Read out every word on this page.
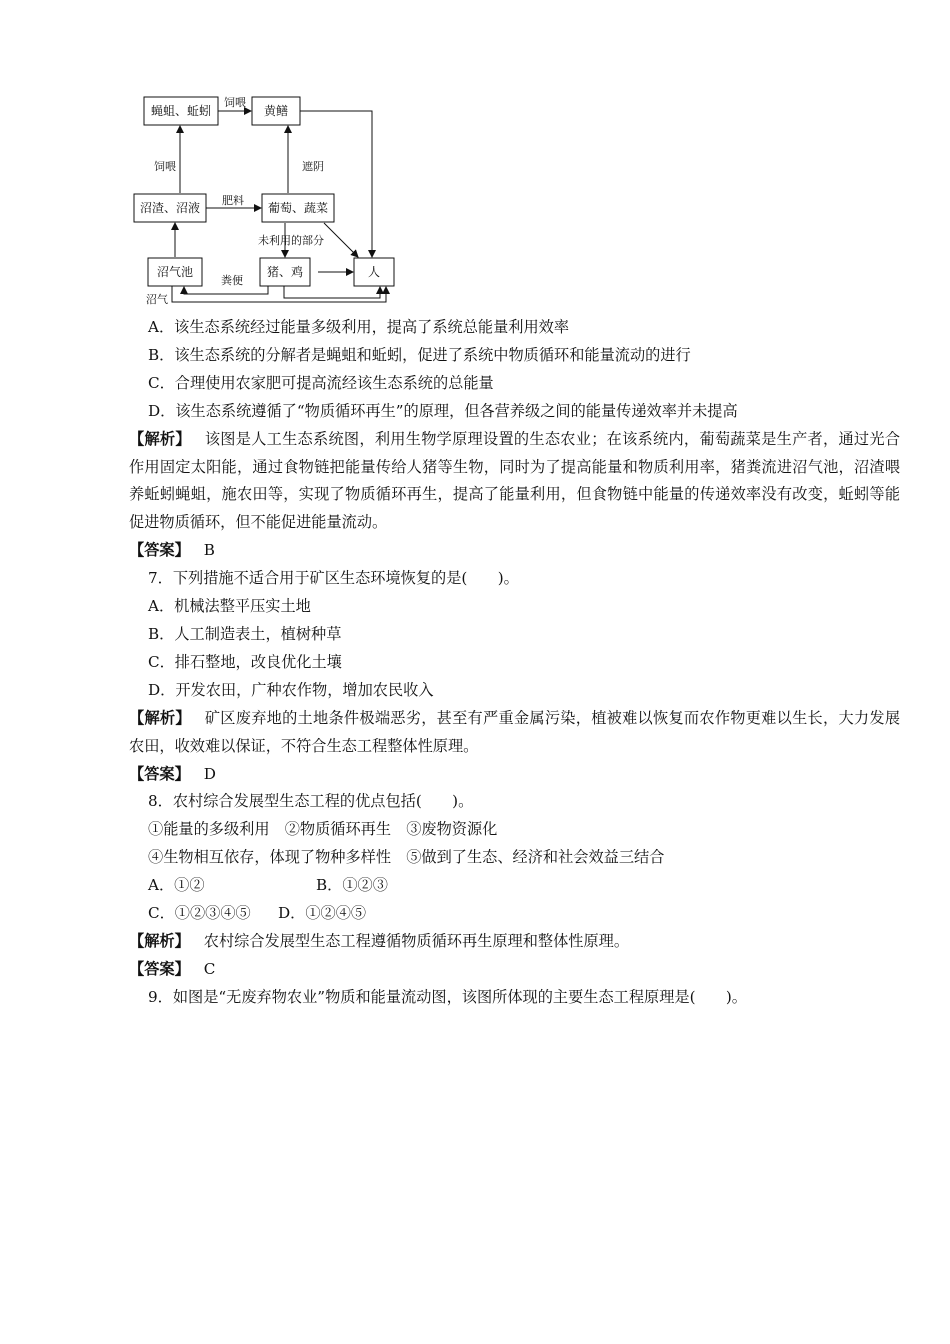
蝇蛆、蚯蚓	黄鳝
沼渣、沼液	葡萄、蔬菜
沼气池	猪、鸡	人
饲喂
饲喂	遮阴
肥料
未利用的部分
粪便
沼气

A．该生态系统经过能量多级利用，提高了系统总能量利用效率

B．该生态系统的分解者是蝇蛆和蚯蚓，促进了系统中物质循环和能量流动的进行

C．合理使用农家肥可提高流经该生态系统的总能量

D．该生态系统遵循了“物质循环再生”的原理，但各营养级之间的能量传递效率并未提高

【解析】 该图是人工生态系统图，利用生物学原理设置的生态农业；在该系统内，葡萄蔬菜是生产者，通过光合作用固定太阳能，通过食物链把能量传给人猪等生物，同时为了提高能量和物质利用率，猪粪流进沼气池，沼渣喂养蚯蚓蝇蛆，施农田等，实现了物质循环再生，提高了能量利用，但食物链中能量的传递效率没有改变，蚯蚓等能促进物质循环，但不能促进能量流动。

【答案】 B

7．下列措施不适合用于矿区生态环境恢复的是(　　)。

A．机械法整平压实土地

B．人工制造表土，植树种草

C．排石整地，改良优化土壤

D．开发农田，广种农作物，增加农民收入

【解析】 矿区废弃地的土地条件极端恶劣，甚至有严重金属污染，植被难以恢复而农作物更难以生长，大力发展农田，收效难以保证，不符合生态工程整体性原理。

【答案】 D

8．农村综合发展型生态工程的优点包括(　　)。

①能量的多级利用　②物质循环再生　③废物资源化

④生物相互依存，体现了物种多样性　⑤做到了生态、经济和社会效益三结合

A．①②	B．①②③

C．①②③④⑤ D．①②④⑤

【解析】 农村综合发展型生态工程遵循物质循环再生原理和整体性原理。

【答案】 C

9．如图是“无废弃物农业”物质和能量流动图，该图所体现的主要生态工程原理是(　　)。
